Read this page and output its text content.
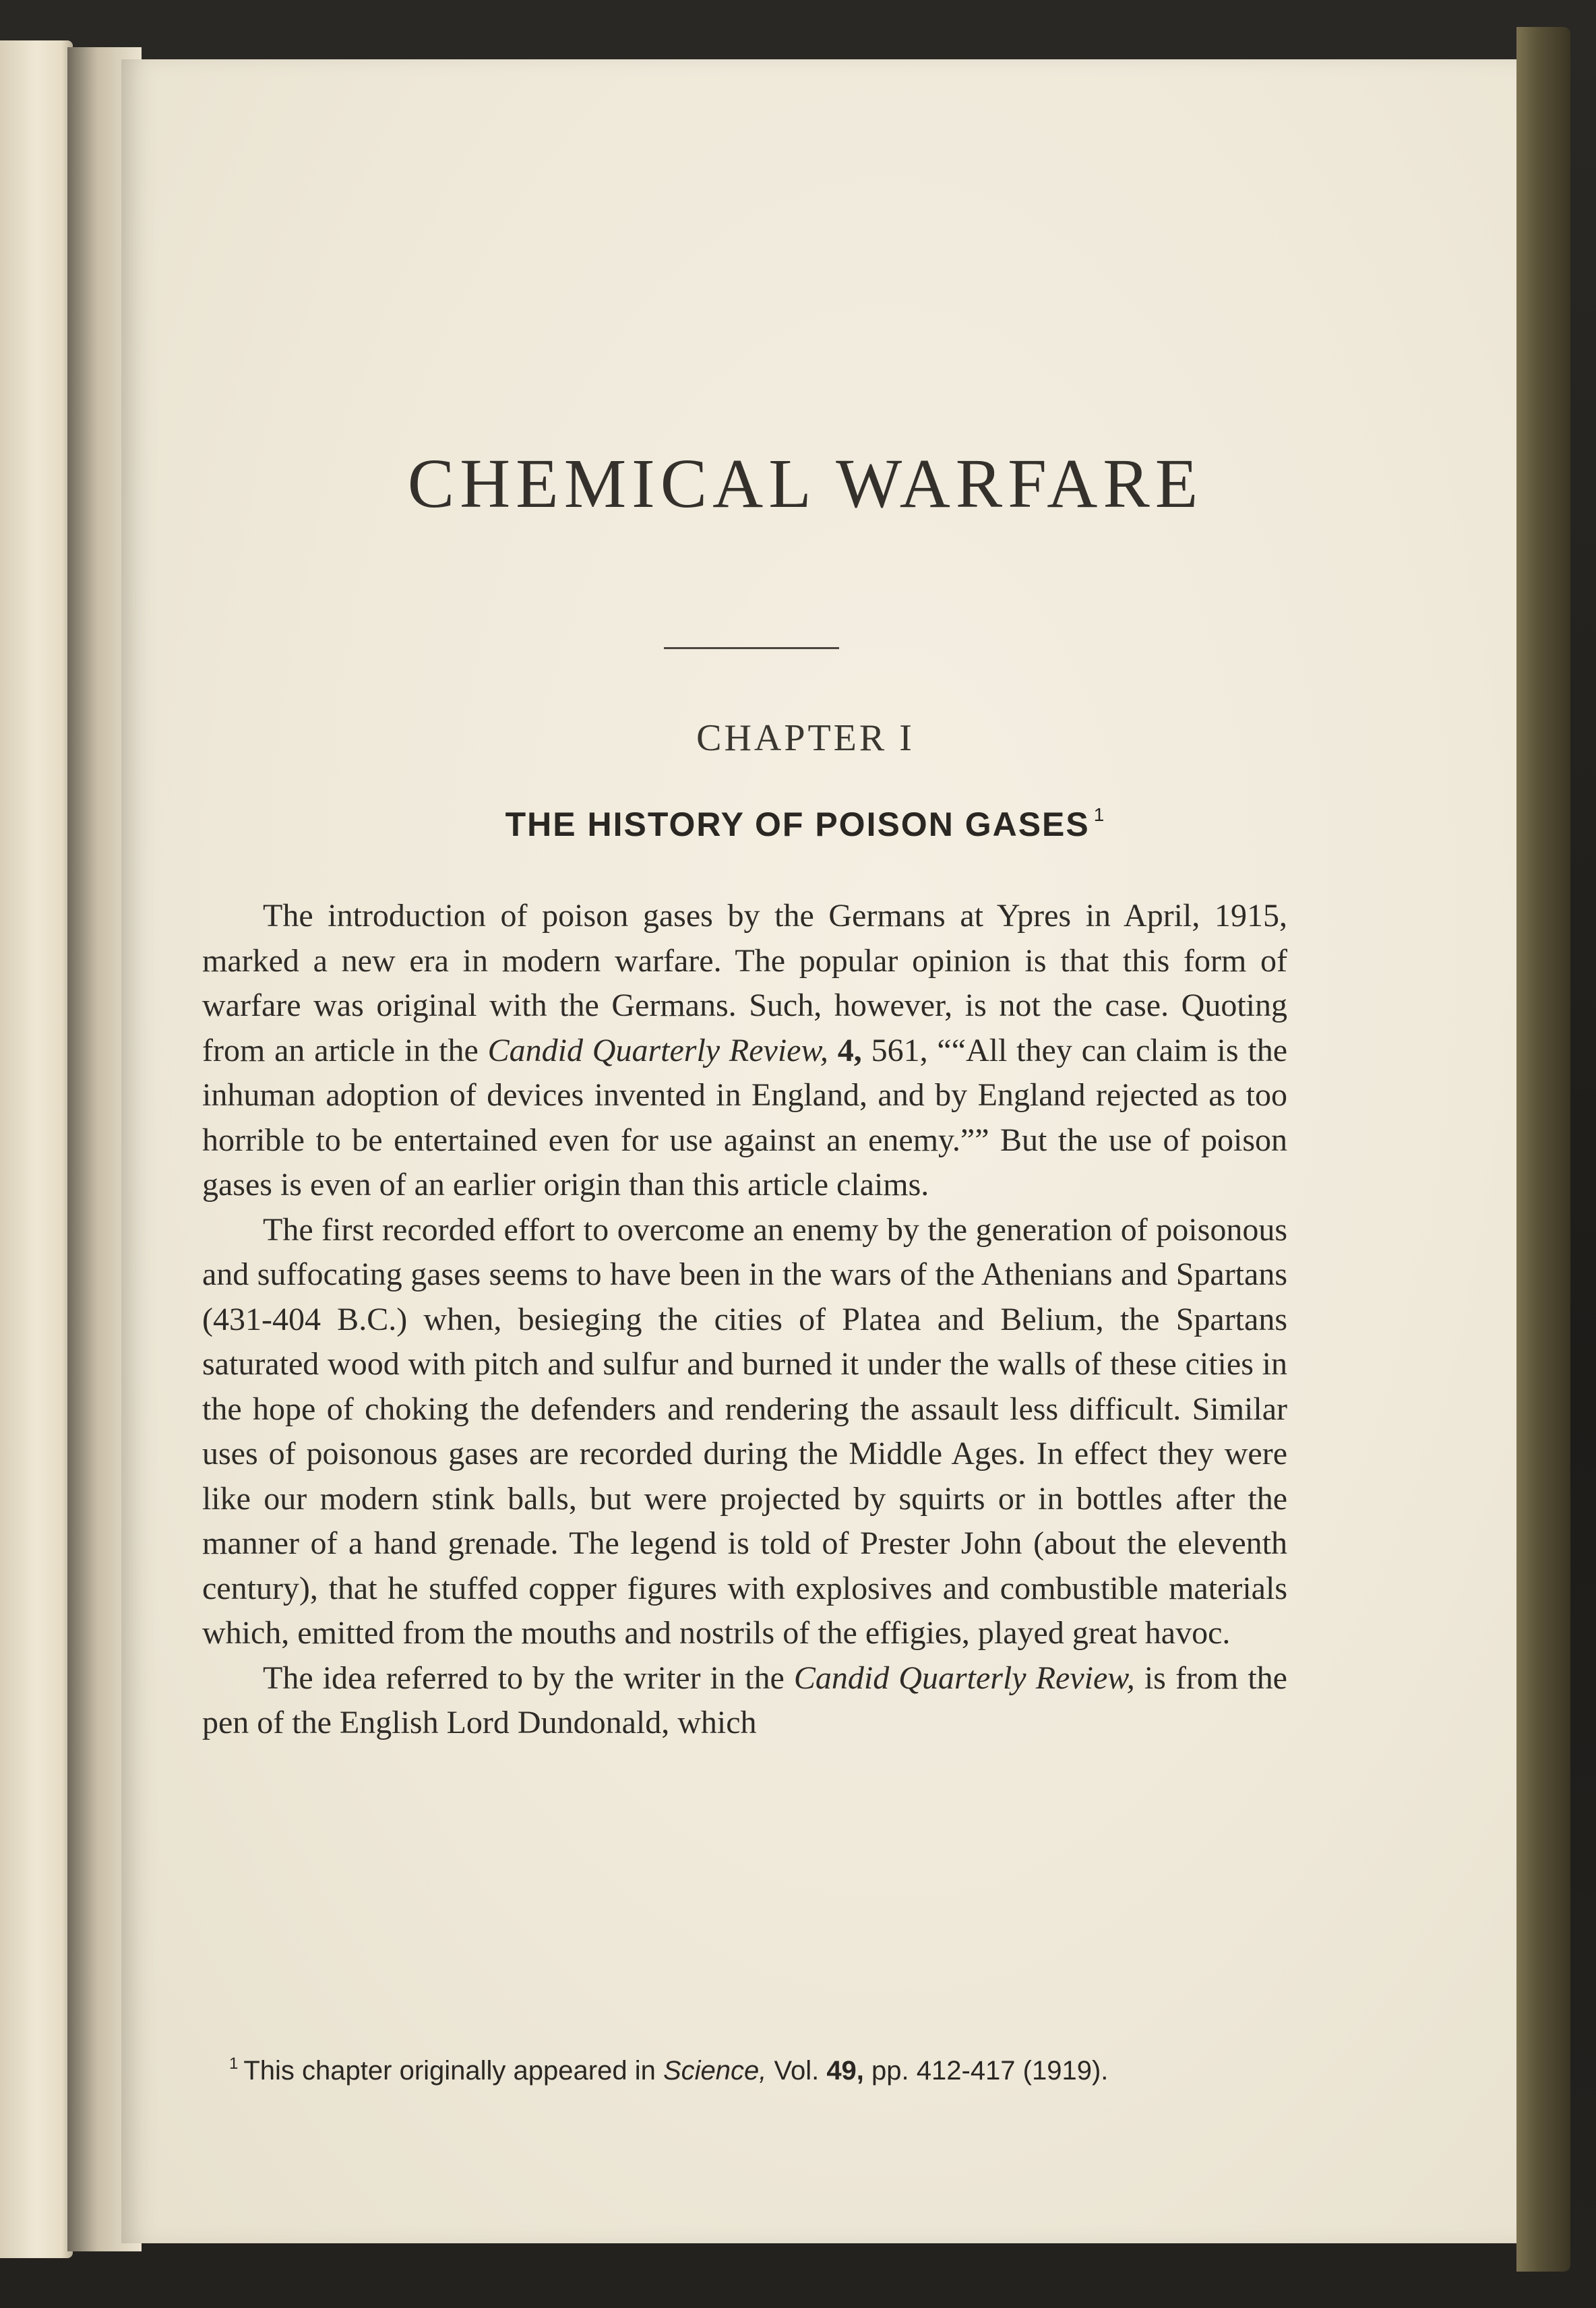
CHEMICAL WARFARE
CHAPTER I
THE HISTORY OF POISON GASES $^1$

The introduction of poison gases by the Germans at Ypres in April, 1915, marked a new era in modern warfare. The popular opinion is that this form of warfare was original with the Germans. Such, however, is not the case. Quoting from an article in the Candid Quarterly Review, 4, 561, ““All they can claim is the inhuman adoption of devices invented in England, and by England rejected as too horrible to be entertained even for use against an enemy.”” But the use of poison gases is even of an earlier origin than this article claims.

The first recorded effort to overcome an enemy by the generation of poisonous and suffocating gases seems to have been in the wars of the Athenians and Spartans (431-404 B.C.) when, besieging the cities of Platea and Belium, the Spartans saturated wood with pitch and sulfur and burned it under the walls of these cities in the hope of choking the defenders and rendering the assault less difficult. Similar uses of poisonous gases are recorded during the Middle Ages. In effect they were like our modern stink balls, but were projected by squirts or in bottles after the manner of a hand grenade. The legend is told of Prester John (about the eleventh century), that he stuffed copper figures with explosives and combustible materials which, emitted from the mouths and nostrils of the effigies, played great havoc.

The idea referred to by the writer in the Candid Quarterly Review, is from the pen of the English Lord Dundonald, which

$^1$ This chapter originally appeared in Science, Vol. 49, pp. 412-417 (1919).
